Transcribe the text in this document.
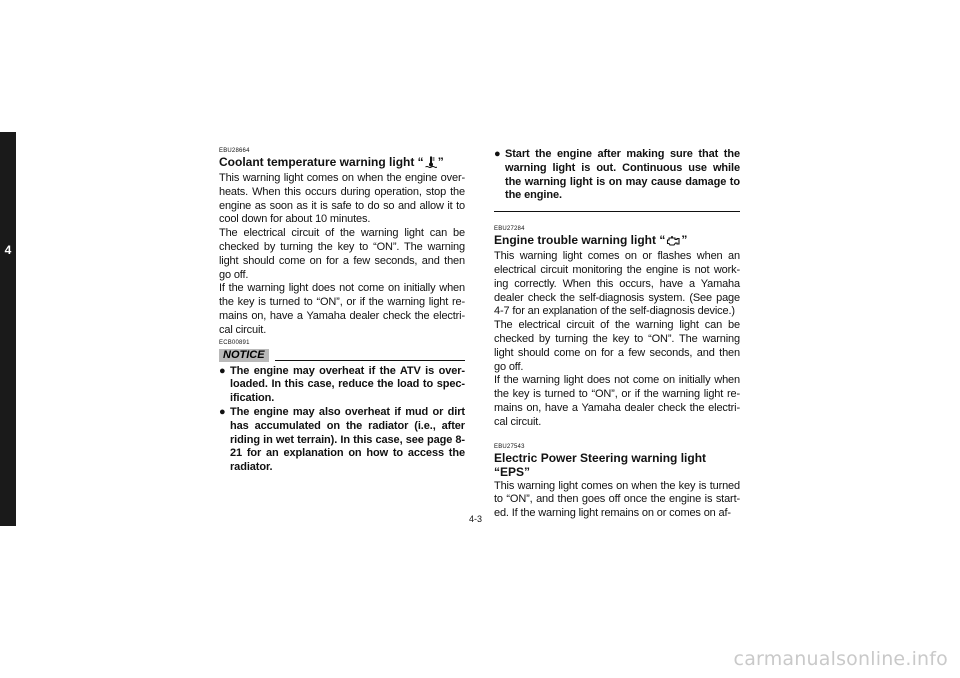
4
EBU28664
Coolant temperature warning light “ ”

This warning light comes on when the engine over-heats. When this occurs during operation, stop the engine as soon as it is safe to do so and allow it to cool down for about 10 minutes.

The electrical circuit of the warning light can be checked by turning the key to “ON”. The warning light should come on for a few seconds, and then go off.

If the warning light does not come on initially when the key is turned to “ON”, or if the warning light re-mains on, have a Yamaha dealer check the electri-cal circuit.

ECB00891
NOTICE
● The engine may overheat if the ATV is over-loaded. In this case, reduce the load to spec-ification.
● The engine may also overheat if mud or dirt has accumulated on the radiator (i.e., after riding in wet terrain). In this case, see page 8-21 for an explanation on how to access the radiator.
● Start the engine after making sure that the warning light is out. Continuous use while the warning light is on may cause damage to the engine.
EBU27284
Engine trouble warning light “ ”

This warning light comes on or flashes when an electrical circuit monitoring the engine is not work-ing correctly. When this occurs, have a Yamaha dealer check the self-diagnosis system. (See page 4-7 for an explanation of the self-diagnosis device.)

The electrical circuit of the warning light can be checked by turning the key to “ON”. The warning light should come on for a few seconds, and then go off.

If the warning light does not come on initially when the key is turned to “ON”, or if the warning light re-mains on, have a Yamaha dealer check the electri-cal circuit.

EBU27543
Electric Power Steering warning light “EPS”

This warning light comes on when the key is turned to “ON”, and then goes off once the engine is start-ed. If the warning light remains on or comes on af-

4-3
carmanualsonline.info
